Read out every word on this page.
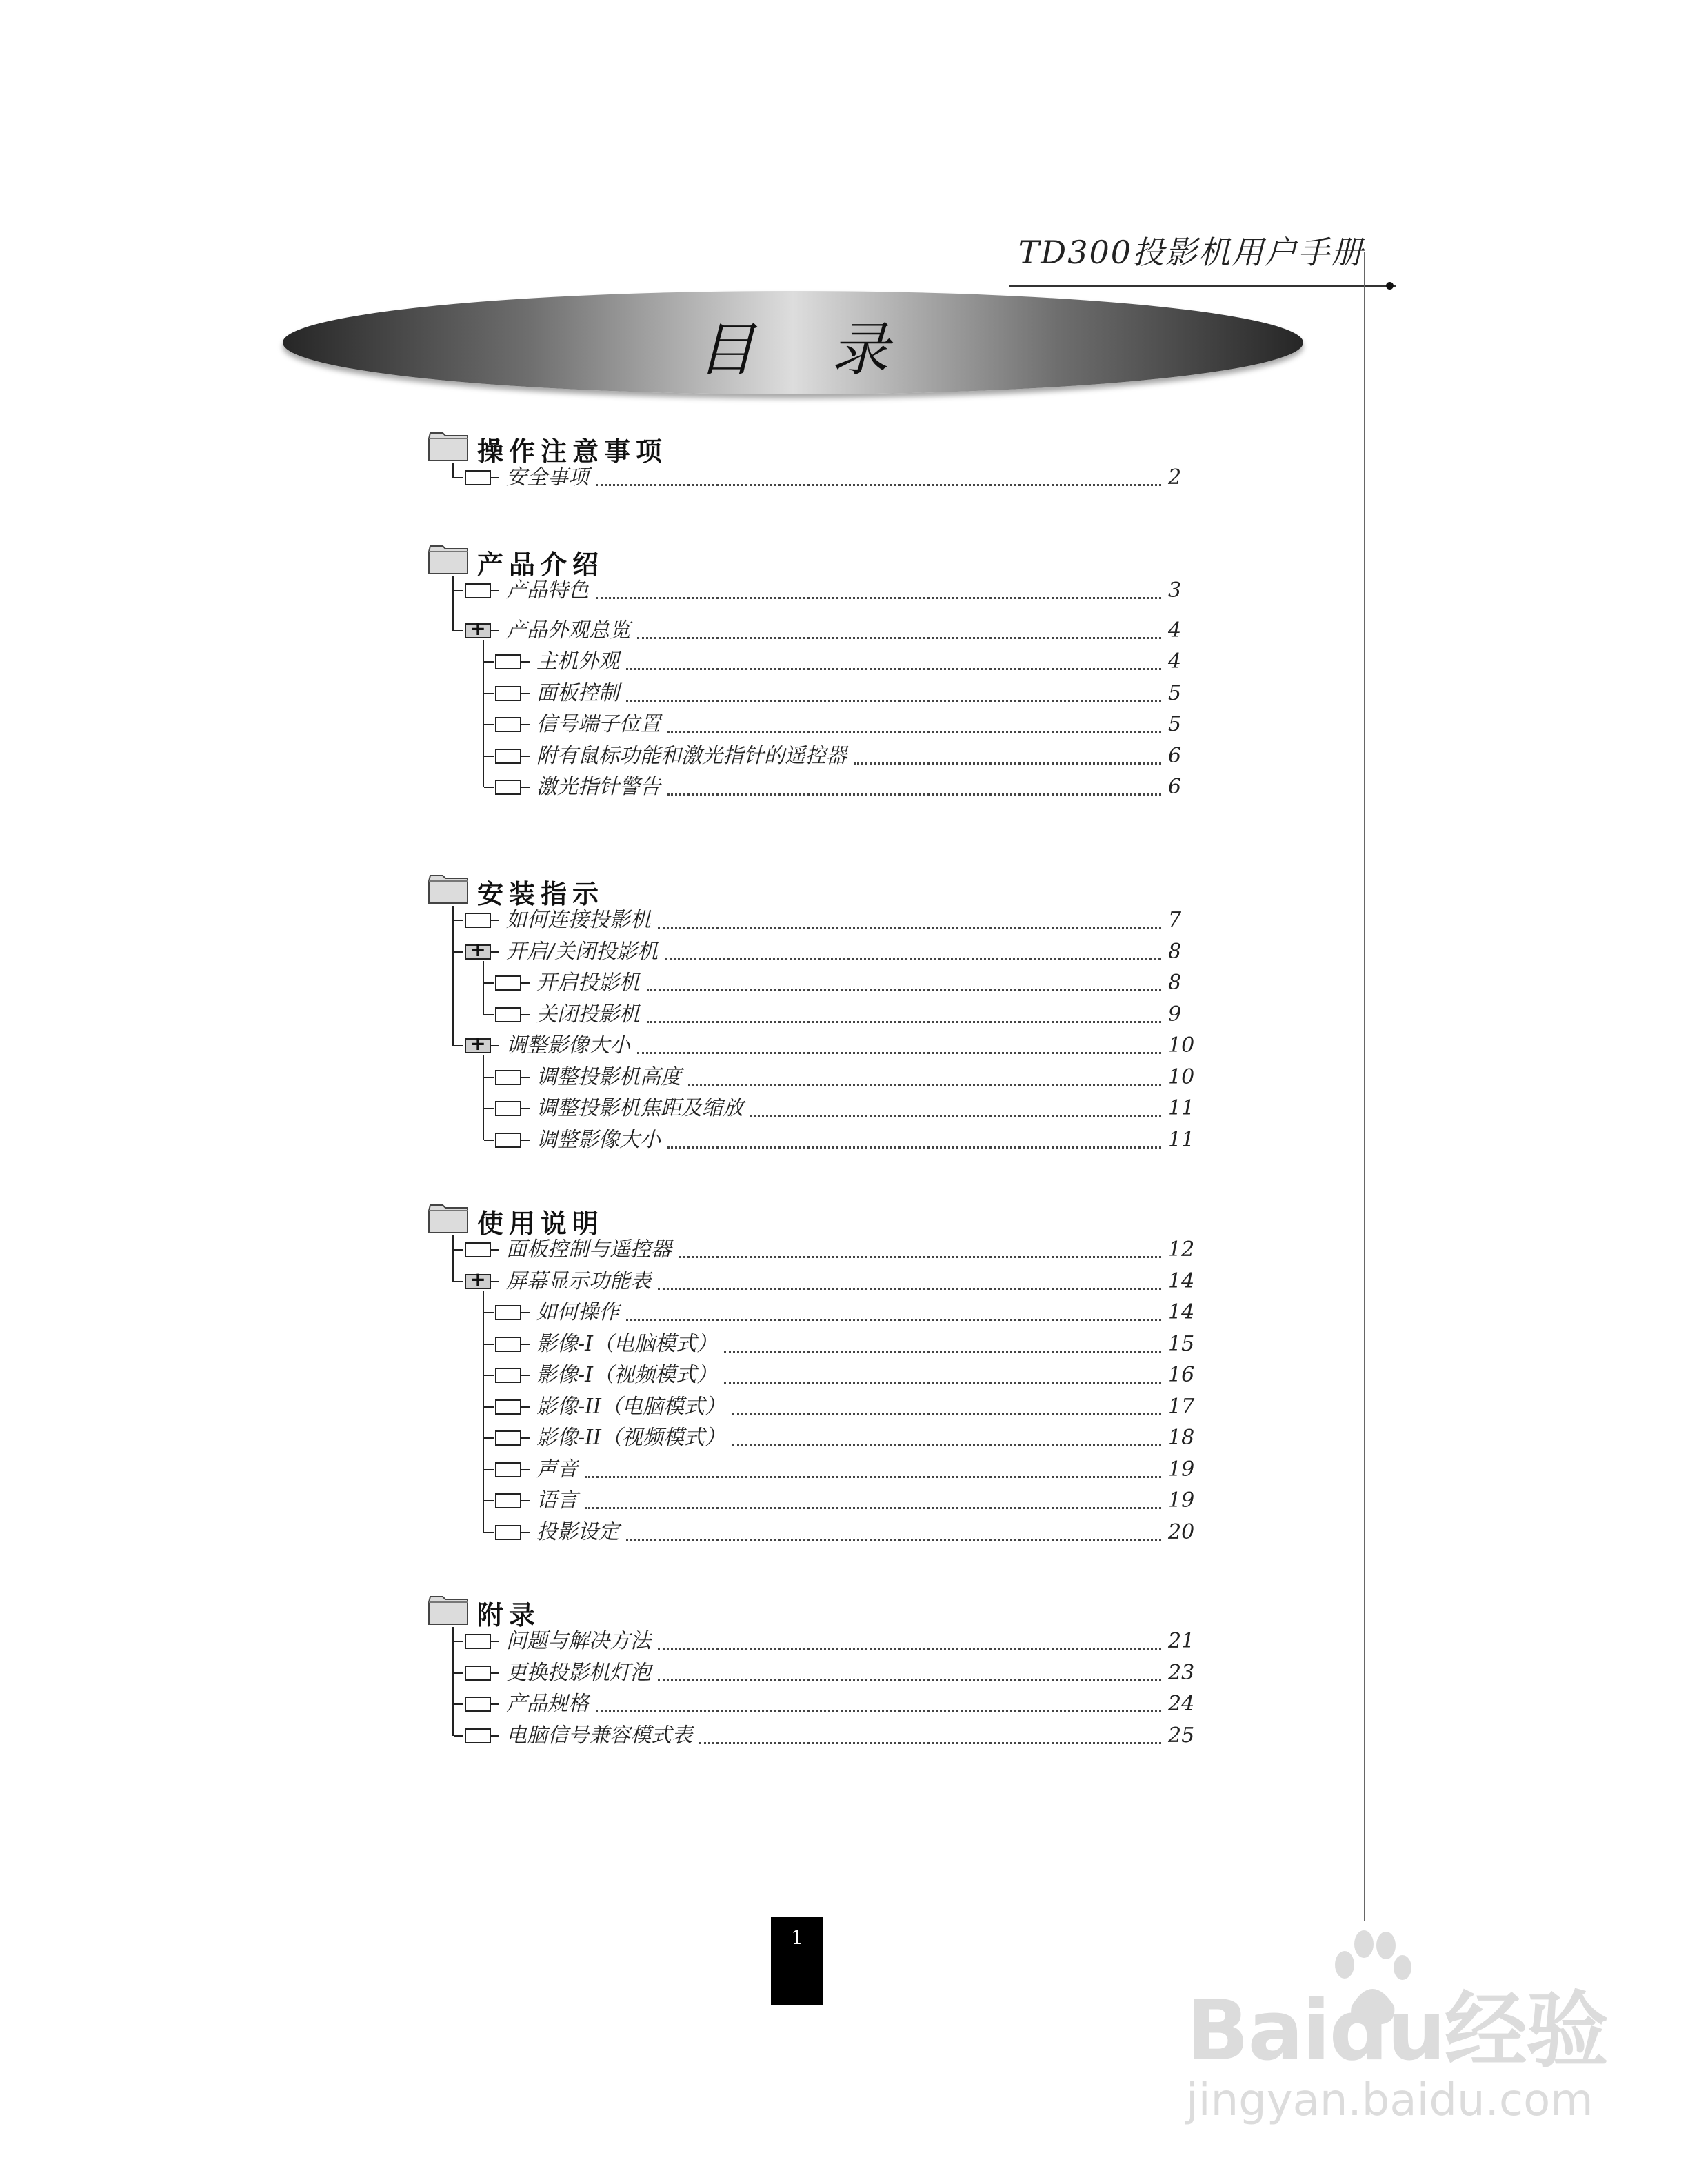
TD300投影机用户手册
目录
操作注意事项
安全事项	2
产品介绍
产品特色	3
+
产品外观总览	4
主机外观	4
面板控制	5
信号端子位置	5
附有鼠标功能和激光指针的遥控器	6
激光指针警告	6
安装指示
如何连接投影机	7
+
开启/关闭投影机	8
开启投影机	8
关闭投影机	9
+
调整影像大小	10
调整投影机高度	10
调整投影机焦距及缩放	11
调整影像大小	11
使用说明
面板控制与遥控器	12
+
屏幕显示功能表	14
如何操作	14
影像-I（电脑模式）	15
影像-I（视频模式）	16
影像-II（电脑模式）	17
影像-II（视频模式）	18
声音	19
语言	19
投影设定	20
附录
问题与解决方法	21
更换投影机灯泡	23
产品规格	24
电脑信号兼容模式表	25
1
Baidu经验
jingyan.baidu.com
